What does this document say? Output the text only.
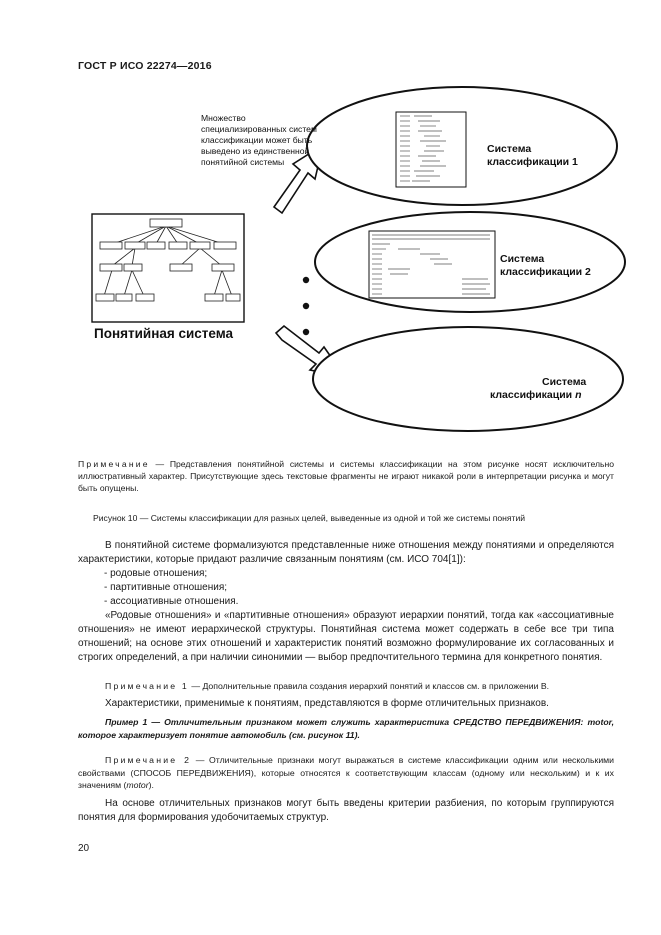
ГОСТ Р ИСО 22274—2016
Множество
специализированных систем
классификации может быть
выведено из единственной
понятийной системы
Система
классификации 1
Система
классификации 2
Система
классификации n
Понятийная система
Примечание — Представления понятийной системы и системы классификации на этом рисунке носят исключительно иллюстративный характер. Присутствующие здесь текстовые фрагменты не играют никакой роли в интерпретации рисунка и могут быть опущены.
Рисунок 10 — Системы классификации для разных целей, выведенные из одной и той же системы понятий
В понятийной системе формализуются представленные ниже отношения между понятиями и определяются характеристики, которые придают различие связанным понятиям (см. ИСО 704[1]):
- родовые отношения;
- партитивные отношения;
- ассоциативные отношения.
«Родовые отношения» и «партитивные отношения» образуют иерархии понятий, тогда как «ассоциативные отношения» не имеют иерархической структуры. Понятийная система может содержать в себе все три типа отношений; на основе этих отношений и характеристик понятий возможно формулирование их согласованных и строгих определений, а при наличии синонимии — выбор предпочтительного термина для конкретного понятия.
Примечание 1 — Дополнительные правила создания иерархий понятий и классов см. в приложении В.
Характеристики, применимые к понятиям, представляются в форме отличительных признаков.
Пример 1 — Отличительным признаком может служить характеристика СРЕДСТВО ПЕРЕДВИЖЕНИЯ: motor, которое характеризует понятие автомобиль (см. рисунок 11).
Примечание 2 — Отличительные признаки могут выражаться в системе классификации одним или несколькими свойствами (СПОСОБ ПЕРЕДВИЖЕНИЯ), которые относятся к соответствующим классам (одному или нескольким) и к их значениям (motor).
На основе отличительных признаков могут быть введены критерии разбиения, по которым группируются понятия для формирования удобочитаемых структур.
20
